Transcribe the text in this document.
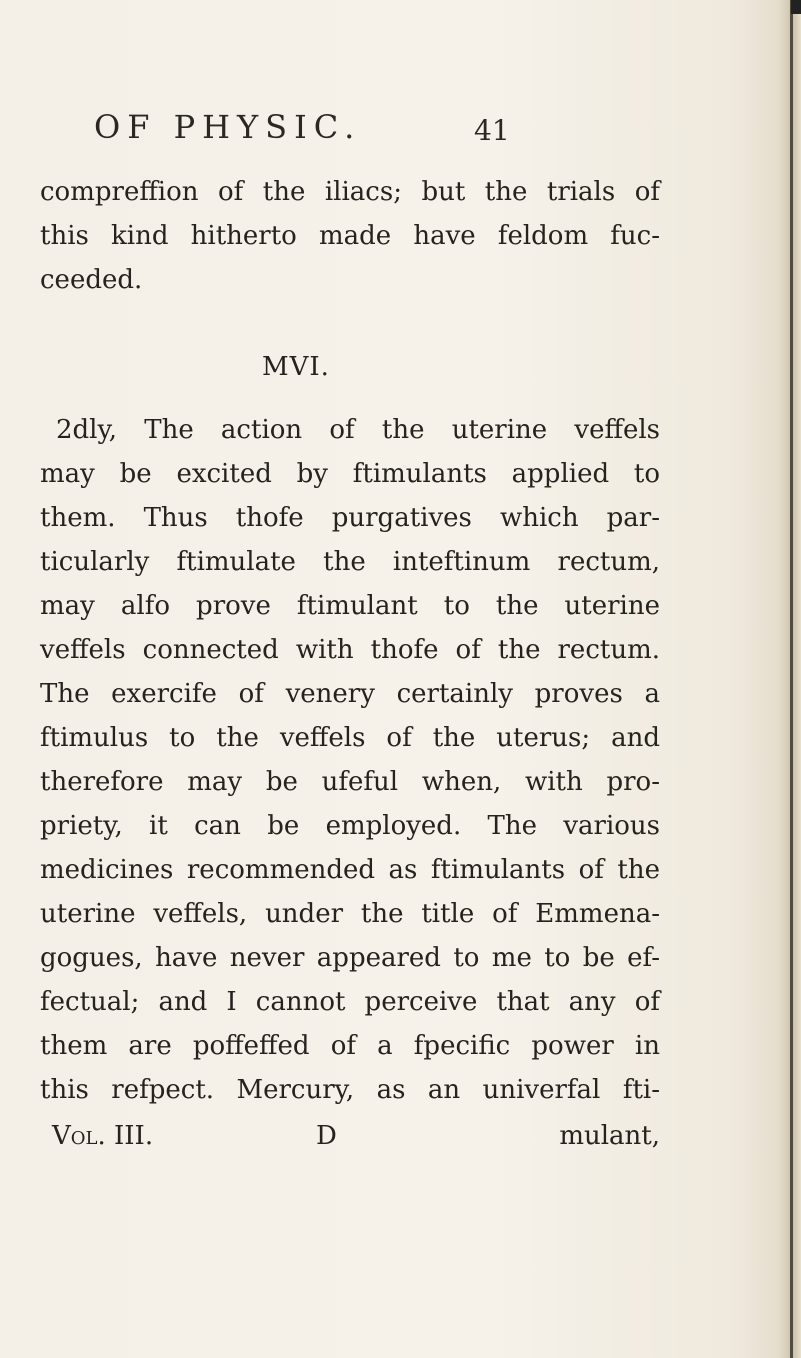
OF PHYSIC.	41
compreffion of the iliacs; but the trials of
this kind hitherto made have feldom fuc-
ceeded.
MVI.
2dly, The action of the uterine veffels
may be excited by ftimulants applied to
them. Thus thofe purgatives which par-
ticularly ftimulate the inteftinum rectum,
may alfo prove ftimulant to the uterine
veffels connected with thofe of the rectum.
The exercife of venery certainly proves a
ftimulus to the veffels of the uterus; and
therefore may be ufeful when, with pro-
priety, it can be employed. The various
medicines recommended as ftimulants of the
uterine veffels, under the title of Emmena-
gogues, have never appeared to me to be ef-
fectual; and I cannot perceive that any of
them are poffeffed of a fpecific power in
this refpect. Mercury, as an univerfal fti-
Vol. III.	D	mulant,
